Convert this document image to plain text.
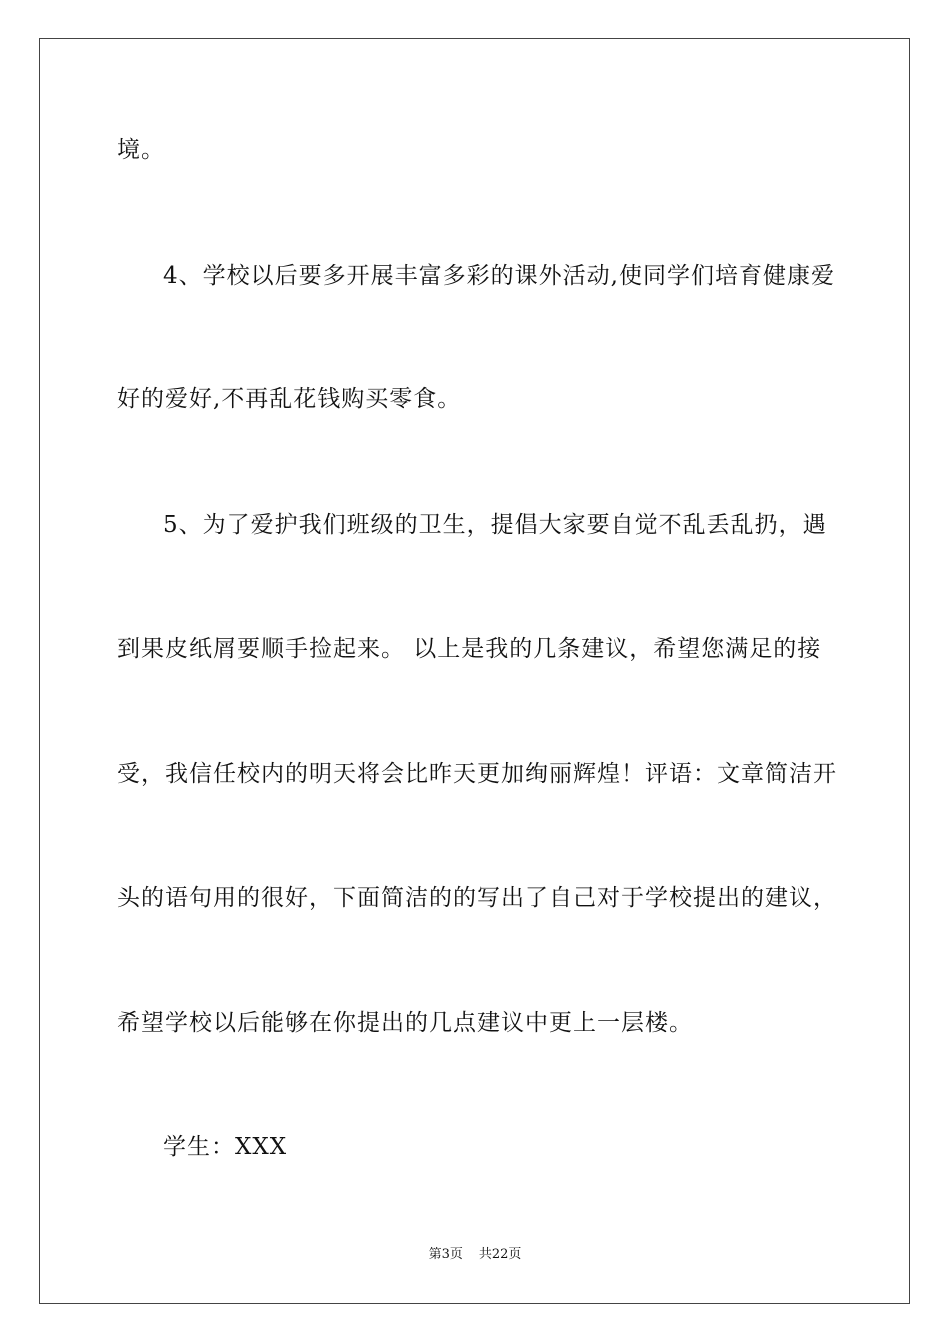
境。
4、学校以后要多开展丰富多彩的课外活动,使同学们培育健康爱
好的爱好,不再乱花钱购买零食。
5、为了爱护我们班级的卫生，提倡大家要自觉不乱丢乱扔，遇
到果皮纸屑要顺手捡起来。 以上是我的几条建议，希望您满足的接
受，我信任校内的明天将会比昨天更加绚丽辉煌！评语：文章简洁开
头的语句用的很好，下面简洁的的写出了自己对于学校提出的建议，
希望学校以后能够在你提出的几点建议中更上一层楼。
学生：XXX
第3页 共22页
